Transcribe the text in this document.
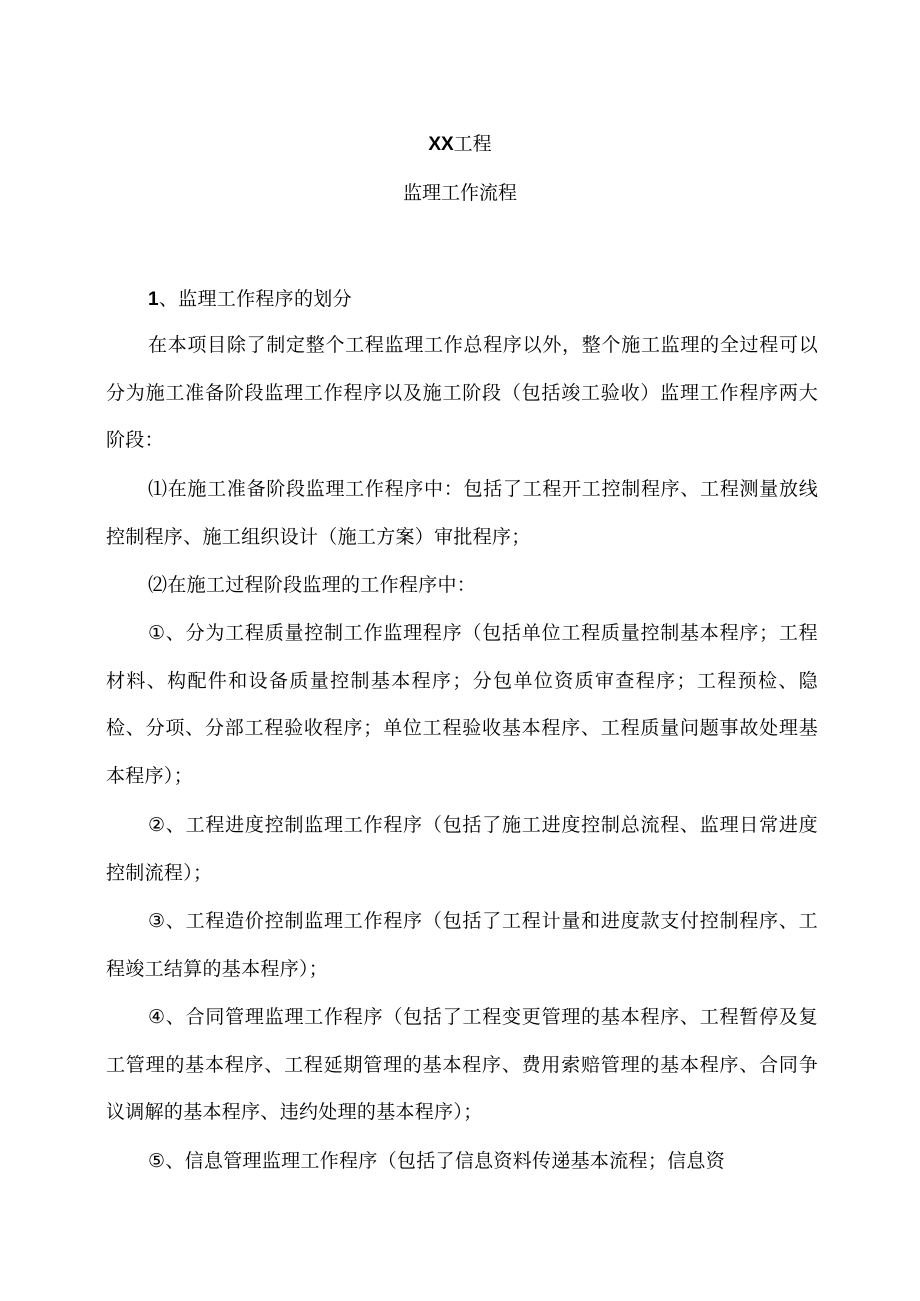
XX工程
监理工作流程
1、监理工作程序的划分
在本项目除了制定整个工程监理工作总程序以外，整个施工监理的全过程可以分为施工准备阶段监理工作程序以及施工阶段（包括竣工验收）监理工作程序两大阶段：
⑴在施工准备阶段监理工作程序中：包括了工程开工控制程序、工程测量放线控制程序、施工组织设计（施工方案）审批程序；
⑵在施工过程阶段监理的工作程序中：
①、分为工程质量控制工作监理程序（包括单位工程质量控制基本程序；工程材料、构配件和设备质量控制基本程序；分包单位资质审查程序；工程预检、隐检、分项、分部工程验收程序；单位工程验收基本程序、工程质量问题事故处理基本程序）；
②、工程进度控制监理工作程序（包括了施工进度控制总流程、监理日常进度控制流程）；
③、工程造价控制监理工作程序（包括了工程计量和进度款支付控制程序、工程竣工结算的基本程序）；
④、合同管理监理工作程序（包括了工程变更管理的基本程序、工程暂停及复工管理的基本程序、工程延期管理的基本程序、费用索赔管理的基本程序、合同争议调解的基本程序、违约处理的基本程序）；
⑤、信息管理监理工作程序（包括了信息资料传递基本流程；信息资
